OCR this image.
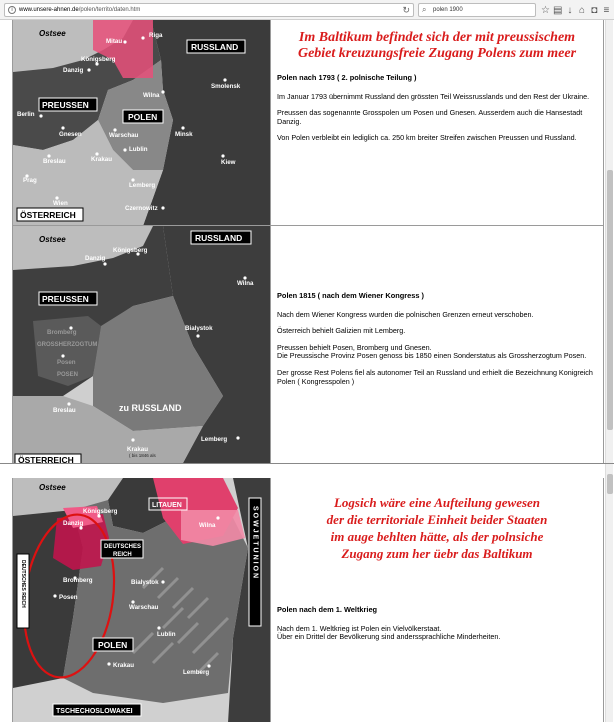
i	www.unsere-ahnen.de/polen/territo/daten.htm	↻ ⌕ polen 1900	☆ ▤ ↓ ⌂ ◘ ≡
Riga
Mitau
Königsberg
Danzig
Wilna
Smolensk
Berlin
Gnesen	Warschau	Minsk
Lublin
Breslau	Krakau	Kiew
Prag
Lemberg
Wien
Czernowitz
Ostsee
RUSSLAND
PREUSSEN
POLEN
ÖSTERREICH
Im Baltikum befindet sich der mit preussischem
Gebiet kreuzungsfreie Zugang Polens zum meer
Polen nach 1793 ( 2. polnische Teilung )

Im Januar 1793 übernimmt Russland den grössten Teil Weissrusslands und den Rest der Ukraine.

Preussen das sogenannte Grosspolen um Posen und Gnesen. Ausserdem auch die Hansestadt Danzig.

Von Polen verbleibt ein lediglich ca. 250 km breiter Streifen zwischen Preussen und Russland.

Königsberg
Danzig
Wilna
Bromberg
Posen
Bialystok
Breslau
Krakau
Lemberg
GROSSHERZOGTUM
POSEN
( bis 1846 als
Ostsee	RUSSLAND
PREUSSEN
zu RUSSLAND
ÖSTERREICH
Polen 1815 ( nach dem Wiener Kongress )

Nach dem Wiener Kongress wurden die polnischen Grenzen erneut verschoben.

Österreich behielt Galizien mit Lemberg.

Preussen behielt Posen, Bromberg und Gnesen.

Die Preussische Provinz Posen genoss bis 1850 einen Sonderstatus als Grossherzogtum Posen.

Der grosse Rest Polens fiel als autonomer Teil an Russland und erhielt die Bezeichnung Konigreich Polen ( Kongresspolen )

Königsberg
Danzig	Wilna
Bromberg
Posen
Bialystok
Warschau
Lublin
Krakau
Lemberg
Ostsee
LITAUEN
DEUTSCHES
REICH	SOWJETUNION
DEUTSCHES REICH
POLEN
TSCHECHOSLOWAKEI
Logsich wäre eine Aufteilung gewesen
der die territoriale Einheit beider Staaten
im auge behlten hätte, als der polnsiche
Zugang zum her üebr das Baltikum
Polen nach dem 1. Weltkrieg

Nach dem 1. Weltkrieg ist Polen ein Vielvölkerstaat.

Über ein Drittel der Bevölkerung sind anderssprachliche Minderheiten.
